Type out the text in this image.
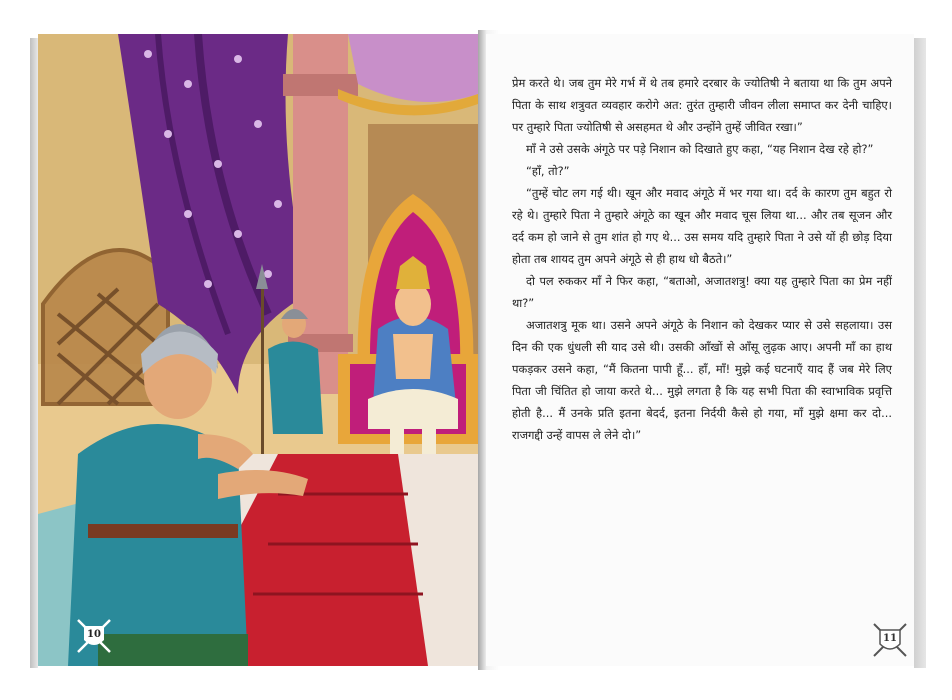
10

प्रेम करते थे। जब तुम मेरे गर्भ में थे तब हमारे दरबार के ज्योतिषी ने बताया था कि तुम अपने पिता के साथ शत्रुवत व्यवहार करोगे अत: तुरंत तुम्हारी जीवन लीला समाप्त कर देनी चाहिए। पर तुम्हारे पिता ज्योतिषी से असहमत थे और उन्होंने तुम्हें जीवित रखा।”

माँ ने उसे उसके अंगूठे पर पड़े निशान को दिखाते हुए कहा, “यह निशान देख रहे हो?”

“हाँ, तो?”

“तुम्हें चोट लग गई थी। खून और मवाद अंगूठे में भर गया था। दर्द के कारण तुम बहुत रो रहे थे। तुम्हारे पिता ने तुम्हारे अंगूठे का खून और मवाद चूस लिया था... और तब सूजन और दर्द कम हो जाने से तुम शांत हो गए थे... उस समय यदि तुम्हारे पिता ने उसे यों ही छोड़ दिया होता तब शायद तुम अपने अंगूठे से ही हाथ धो बैठते।”

दो पल रुककर माँ ने फिर कहा, “बताओ, अजातशत्रु! क्या यह तुम्हारे पिता का प्रेम नहीं था?”

अजातशत्रु मूक था। उसने अपने अंगूठे के निशान को देखकर प्यार से उसे सहलाया। उस दिन की एक धुंधली सी याद उसे थी। उसकी आँखों से आँसू लुढ़क आए। अपनी माँ का हाथ पकड़कर उसने कहा, “मैं कितना पापी हूँ... हाँ, माँ! मुझे कई घटनाएँ याद हैं जब मेरे लिए पिता जी चिंतित हो जाया करते थे... मुझे लगता है कि यह सभी पिता की स्वाभाविक प्रवृत्ति होती है... मैं उनके प्रति इतना बेदर्द, इतना निर्दयी कैसे हो गया, माँ मुझे क्षमा कर दो... राजगद्दी उन्हें वापस ले लेने दो।”

11
